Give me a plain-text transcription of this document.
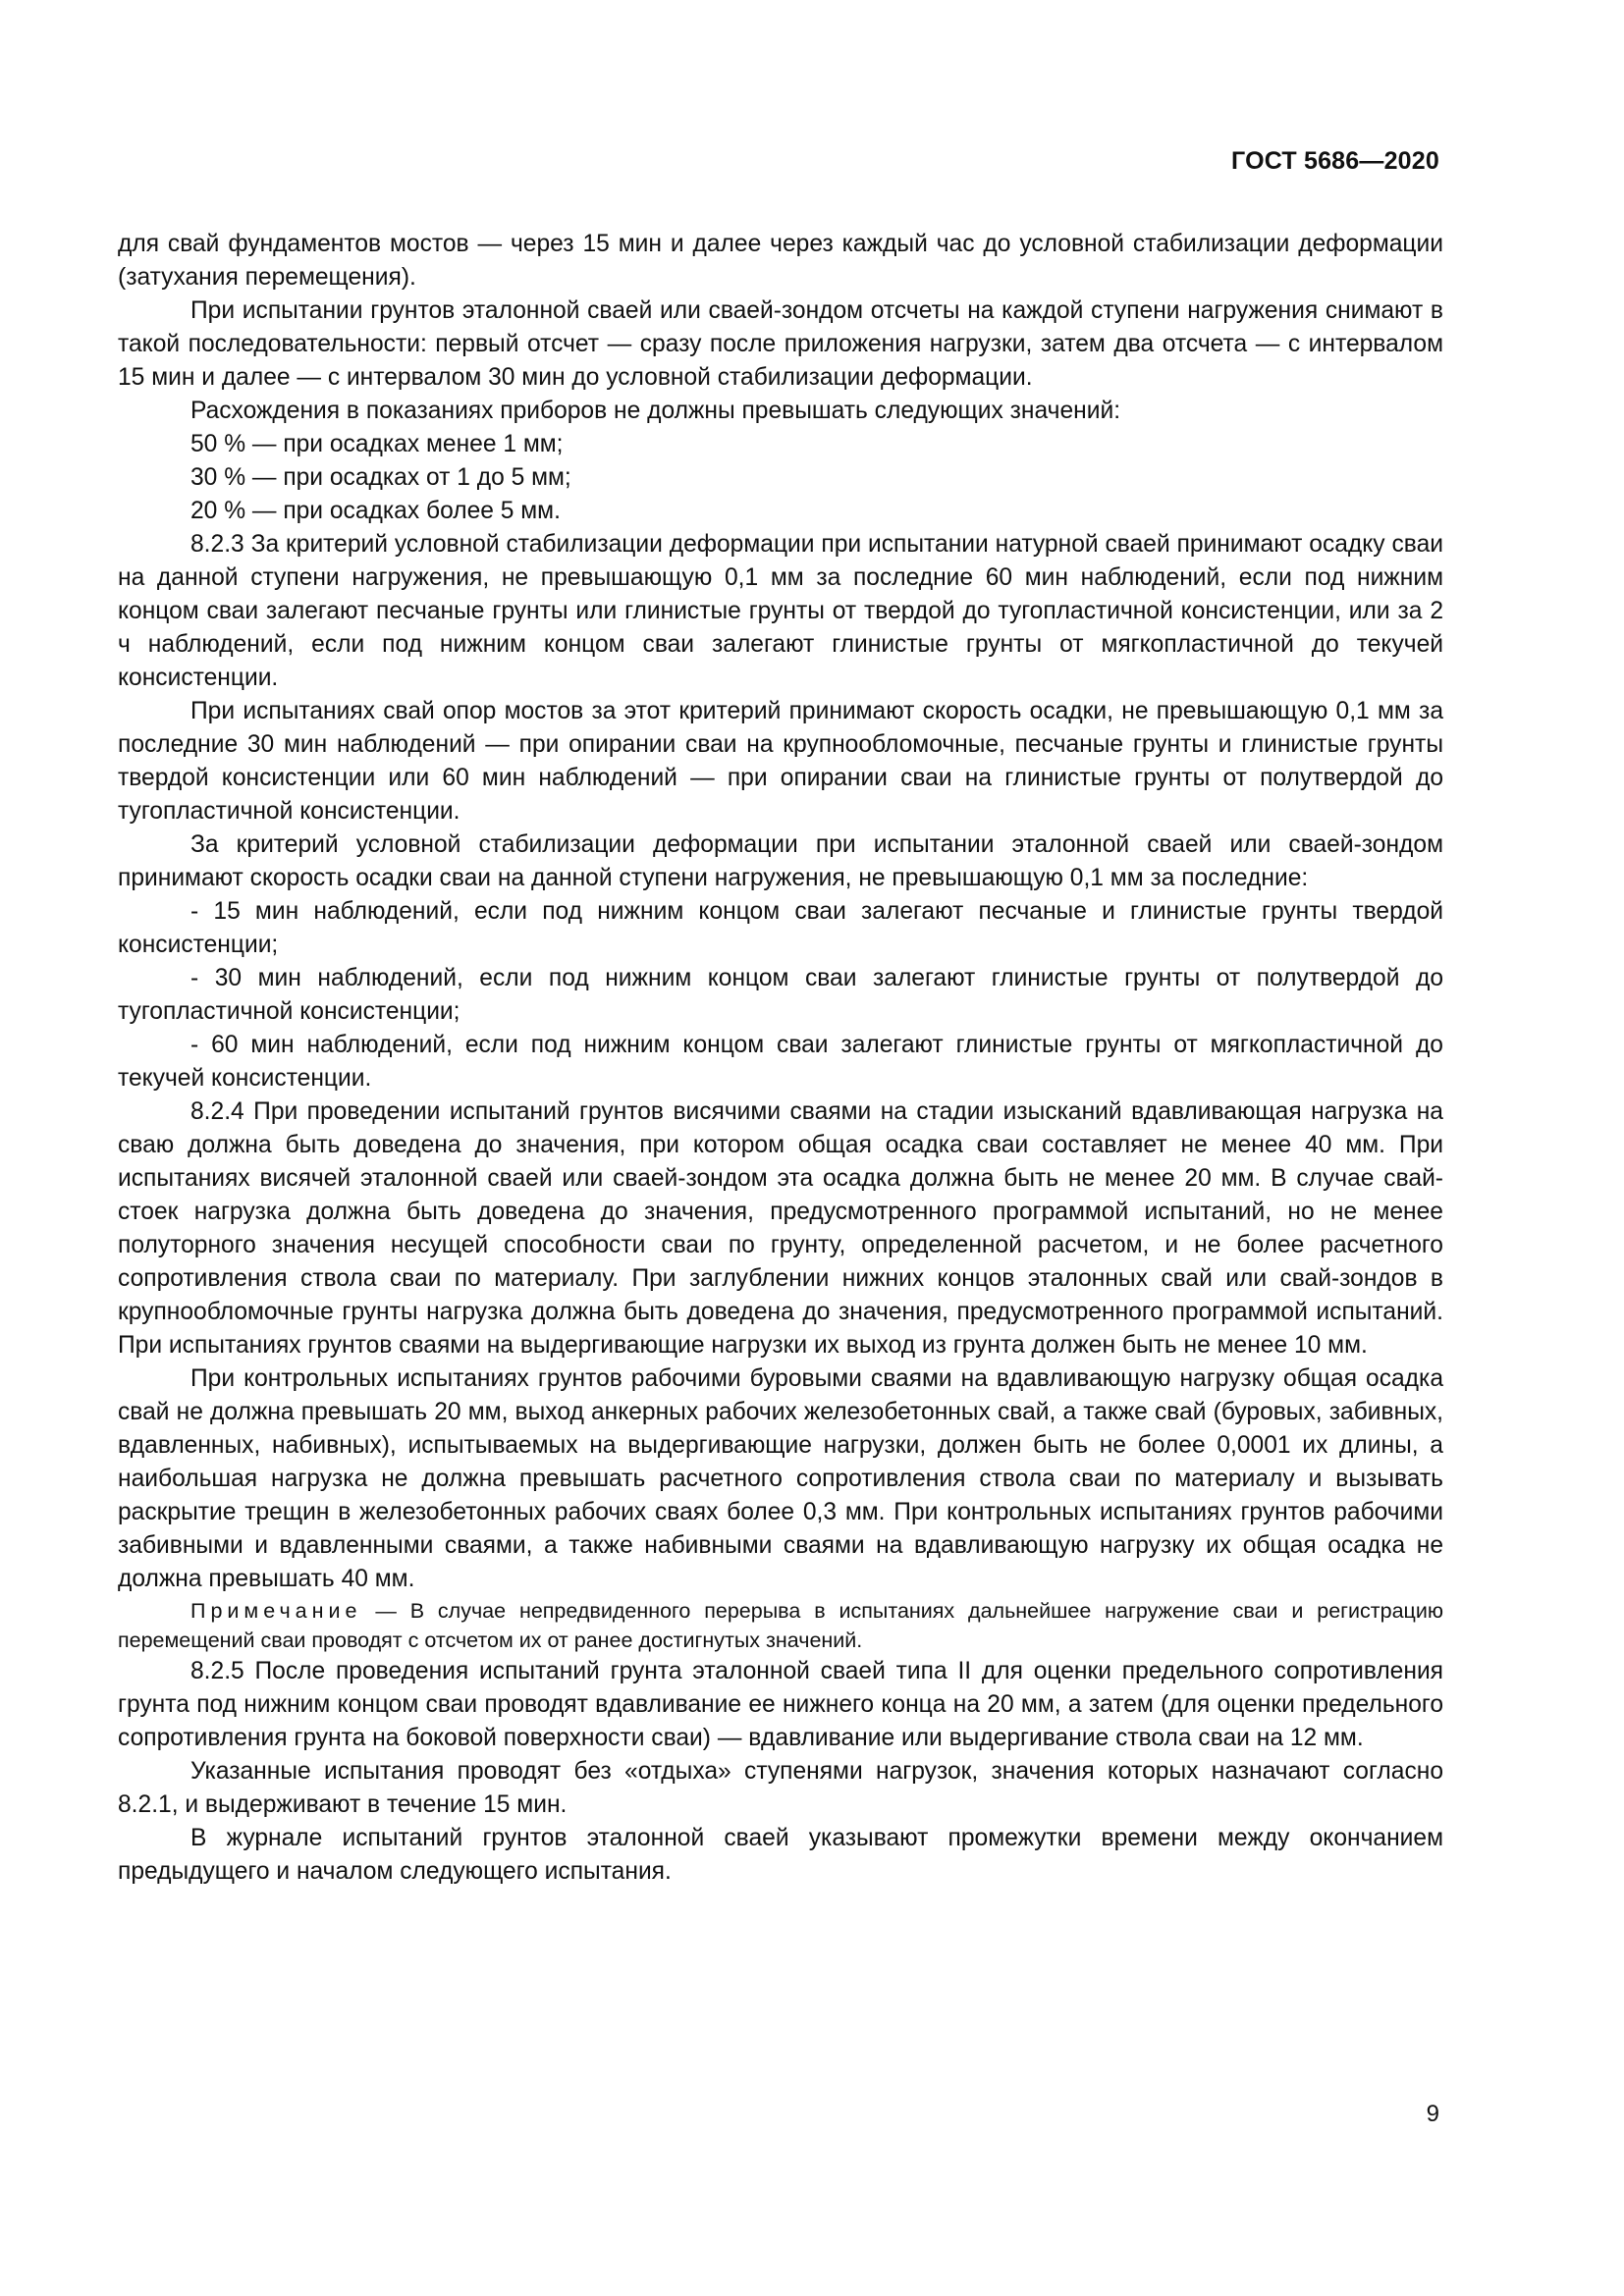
ГОСТ 5686—2020

для свай фундаментов мостов — через 15 мин и далее через каждый час до условной стабилизации деформации (затухания перемещения).

При испытании грунтов эталонной сваей или сваей-зондом отсчеты на каждой ступени нагружения снимают в такой последовательности: первый отсчет — сразу после приложения нагрузки, затем два отсчета — с интервалом 15 мин и далее — с интервалом 30 мин до условной стабилизации деформации.

Расхождения в показаниях приборов не должны превышать следующих значений:

50 % — при осадках менее 1 мм;

30 % — при осадках от 1 до 5 мм;

20 % — при осадках более 5 мм.

8.2.3 За критерий условной стабилизации деформации при испытании натурной сваей принимают осадку сваи на данной ступени нагружения, не превышающую 0,1 мм за последние 60 мин наблюдений, если под нижним концом сваи залегают песчаные грунты или глинистые грунты от твердой до тугопластичной консистенции, или за 2 ч наблюдений, если под нижним концом сваи залегают глинистые грунты от мягкопластичной до текучей консистенции.

При испытаниях свай опор мостов за этот критерий принимают скорость осадки, не превышающую 0,1 мм за последние 30 мин наблюдений — при опирании сваи на крупнообломочные, песчаные грунты и глинистые грунты твердой консистенции или 60 мин наблюдений — при опирании сваи на глинистые грунты от полутвердой до тугопластичной консистенции.

За критерий условной стабилизации деформации при испытании эталонной сваей или сваей-зондом принимают скорость осадки сваи на данной ступени нагружения, не превышающую 0,1 мм за последние:

- 15 мин наблюдений, если под нижним концом сваи залегают песчаные и глинистые грунты твердой консистенции;

- 30 мин наблюдений, если под нижним концом сваи залегают глинистые грунты от полутвердой до тугопластичной консистенции;

- 60 мин наблюдений, если под нижним концом сваи залегают глинистые грунты от мягкопластичной до текучей консистенции.

8.2.4 При проведении испытаний грунтов висячими сваями на стадии изысканий вдавливающая нагрузка на сваю должна быть доведена до значения, при котором общая осадка сваи составляет не менее 40 мм. При испытаниях висячей эталонной сваей или сваей-зондом эта осадка должна быть не менее 20 мм. В случае свай-стоек нагрузка должна быть доведена до значения, предусмотренного программой испытаний, но не менее полуторного значения несущей способности сваи по грунту, определенной расчетом, и не более расчетного сопротивления ствола сваи по материалу. При заглублении нижних концов эталонных свай или свай-зондов в крупнообломочные грунты нагрузка должна быть доведена до значения, предусмотренного программой испытаний. При испытаниях грунтов сваями на выдергивающие нагрузки их выход из грунта должен быть не менее 10 мм.

При контрольных испытаниях грунтов рабочими буровыми сваями на вдавливающую нагрузку общая осадка свай не должна превышать 20 мм, выход анкерных рабочих железобетонных свай, а также свай (буровых, забивных, вдавленных, набивных), испытываемых на выдергивающие нагрузки, должен быть не более 0,0001 их длины, а наибольшая нагрузка не должна превышать расчетного сопротивления ствола сваи по материалу и вызывать раскрытие трещин в железобетонных рабочих сваях более 0,3 мм. При контрольных испытаниях грунтов рабочими забивными и вдавленными сваями, а также набивными сваями на вдавливающую нагрузку их общая осадка не должна превышать 40 мм.

Примечание — В случае непредвиденного перерыва в испытаниях дальнейшее нагружение сваи и регистрацию перемещений сваи проводят с отсчетом их от ранее достигнутых значений.

8.2.5 После проведения испытаний грунта эталонной сваей типа II для оценки предельного сопротивления грунта под нижним концом сваи проводят вдавливание ее нижнего конца на 20 мм, а затем (для оценки предельного сопротивления грунта на боковой поверхности сваи) — вдавливание или выдергивание ствола сваи на 12 мм.

Указанные испытания проводят без «отдыха» ступенями нагрузок, значения которых назначают согласно 8.2.1, и выдерживают в течение 15 мин.

В журнале испытаний грунтов эталонной сваей указывают промежутки времени между окончанием предыдущего и началом следующего испытания.

9
